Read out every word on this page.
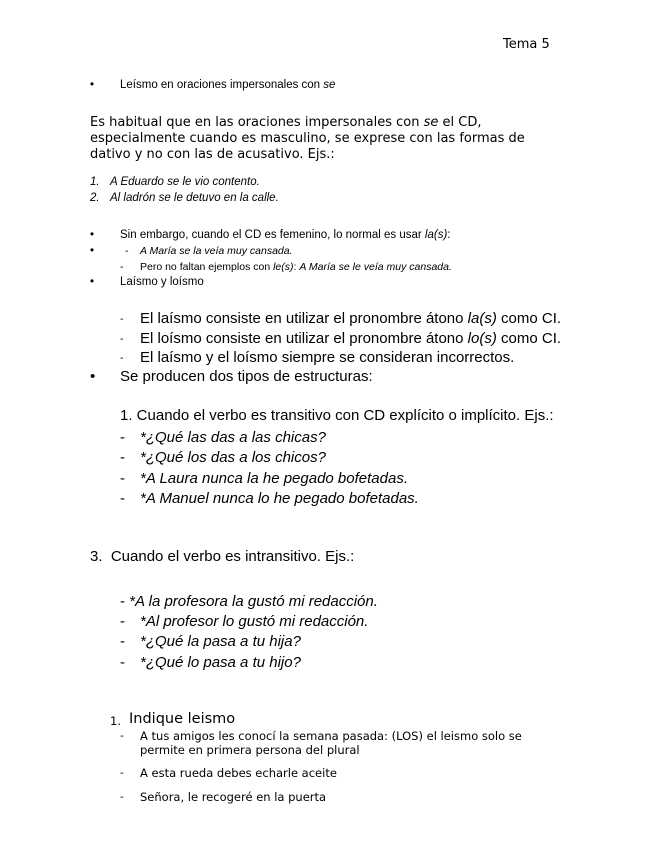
Tema 5
• Leísmo en oraciones impersonales con se
Es habitual que en las oraciones impersonales con se el CD,
especialmente cuando es masculino, se exprese con las formas de
dativo y no con las de acusativo. Ejs.:
1. A Eduardo se le vio contento.
2. Al ladrón se le detuvo en la calle.
• Sin embargo, cuando el CD es femenino, lo normal es usar la(s):
•	- A María se la veía muy cansada.
- Pero no faltan ejemplos con le(s): A María se le veía muy cansada.
• Laísmo y loísmo
- El laísmo consiste en utilizar el pronombre átono la(s) como CI.
- El loísmo consiste en utilizar el pronombre átono lo(s) como CI.
- El laísmo y el loísmo siempre se consideran incorrectos.
• Se producen dos tipos de estructuras:
1. Cuando el verbo es transitivo con CD explícito o implícito. Ejs.:
- *¿Qué las das a las chicas?
- *¿Qué los das a los chicos?
- *A Laura nunca la he pegado bofetadas.
- *A Manuel nunca lo he pegado bofetadas.
3.  Cuando el verbo es intransitivo. Ejs.:
- *A la profesora la gustó mi redacción.
- *Al profesor lo gustó mi redacción.
- *¿Qué la pasa a tu hija?
- *¿Qué lo pasa a tu hijo?
1. Indique leismo
- A tus amigos les conocí la semana pasada: (LOS) el leismo solo se
permite en primera persona del plural
- A esta rueda debes echarle aceite
- Señora, le recogeré en la puerta
